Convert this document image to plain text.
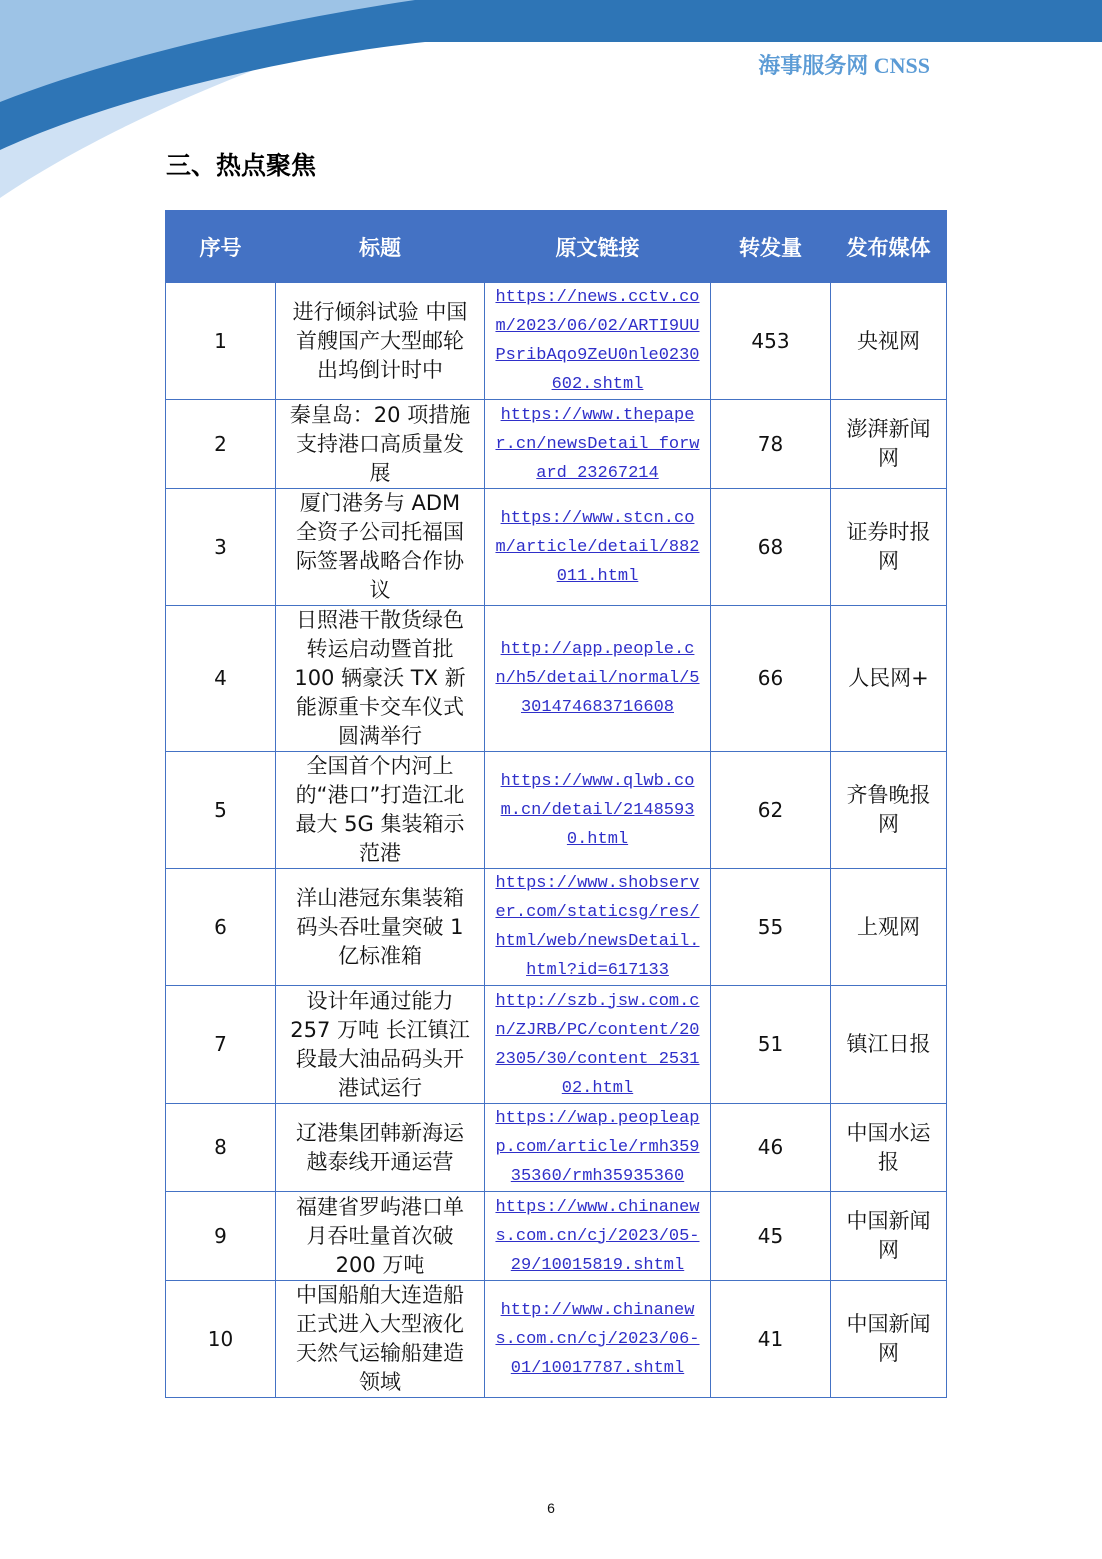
海事服务网 CNSS
三、热点聚焦
序号	标题	原文链接	转发量	发布媒体
1	进行倾斜试验 中国首艘国产大型邮轮出坞倒计时中	https://news.cctv.com/2023/06/02/ARTI9UUPsribAqo9ZeU0nle0230602.shtml	453	央视网
2	秦皇岛：20 项措施支持港口高质量发展	https://www.thepaper.cn/newsDetail_forward_23267214	78	澎湃新闻网
3	厦门港务与 ADM 全资子公司托福国际签署战略合作协议	https://www.stcn.com/article/detail/882011.html	68	证券时报网
4	日照港干散货绿色转运启动暨首批 100 辆豪沃 TX 新能源重卡交车仪式圆满举行	http://app.people.cn/h5/detail/normal/5301474683716608	66	人民网+
5	全国首个内河上的“港口”打造江北最大 5G 集装箱示范港	https://www.qlwb.com.cn/detail/21485930.html	62	齐鲁晚报网
6	洋山港冠东集装箱码头吞吐量突破 1 亿标准箱	https://www.shobserver.com/staticsg/res/html/web/newsDetail.html?id=617133	55	上观网
7	设计年通过能力 257 万吨 长江镇江段最大油品码头开港试运行	http://szb.jsw.com.cn/ZJRB/PC/content/202305/30/content_253102.html	51	镇江日报
8	辽港集团韩新海运越泰线开通运营	https://wap.peopleapp.com/article/rmh35935360/rmh35935360	46	中国水运报
9	福建省罗屿港口单月吞吐量首次破 200 万吨	https://www.chinanews.com.cn/cj/2023/05-29/10015819.shtml	45	中国新闻网
10	中国船舶大连造船正式进入大型液化天然气运输船建造领域	http://www.chinanews.com.cn/cj/2023/06-01/10017787.shtml	41	中国新闻网
6
